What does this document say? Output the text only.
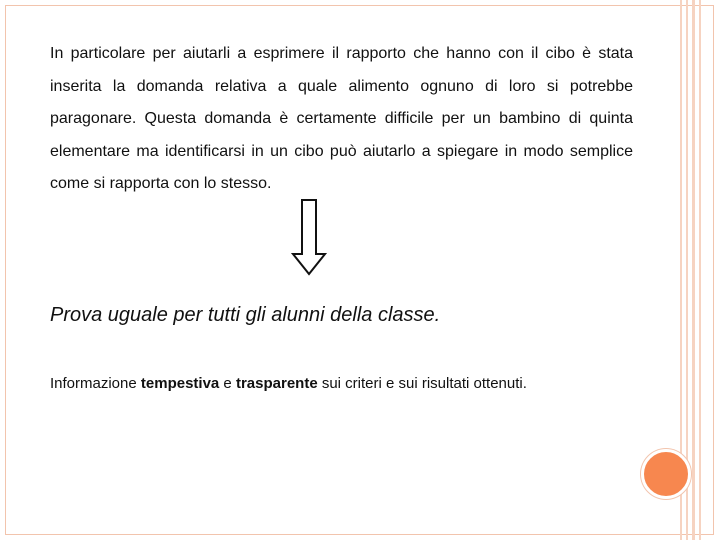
In particolare per aiutarli a esprimere il rapporto che hanno con il cibo è stata inserita la domanda relativa a quale alimento ognuno di loro si potrebbe paragonare. Questa domanda è certamente difficile per un bambino di quinta elementare ma identificarsi in un cibo può aiutarlo a spiegare in modo semplice come si rapporta con lo stesso.

Prova uguale per tutti gli alunni della classe.
Informazione tempestiva e trasparente sui criteri e sui risultati ottenuti.
